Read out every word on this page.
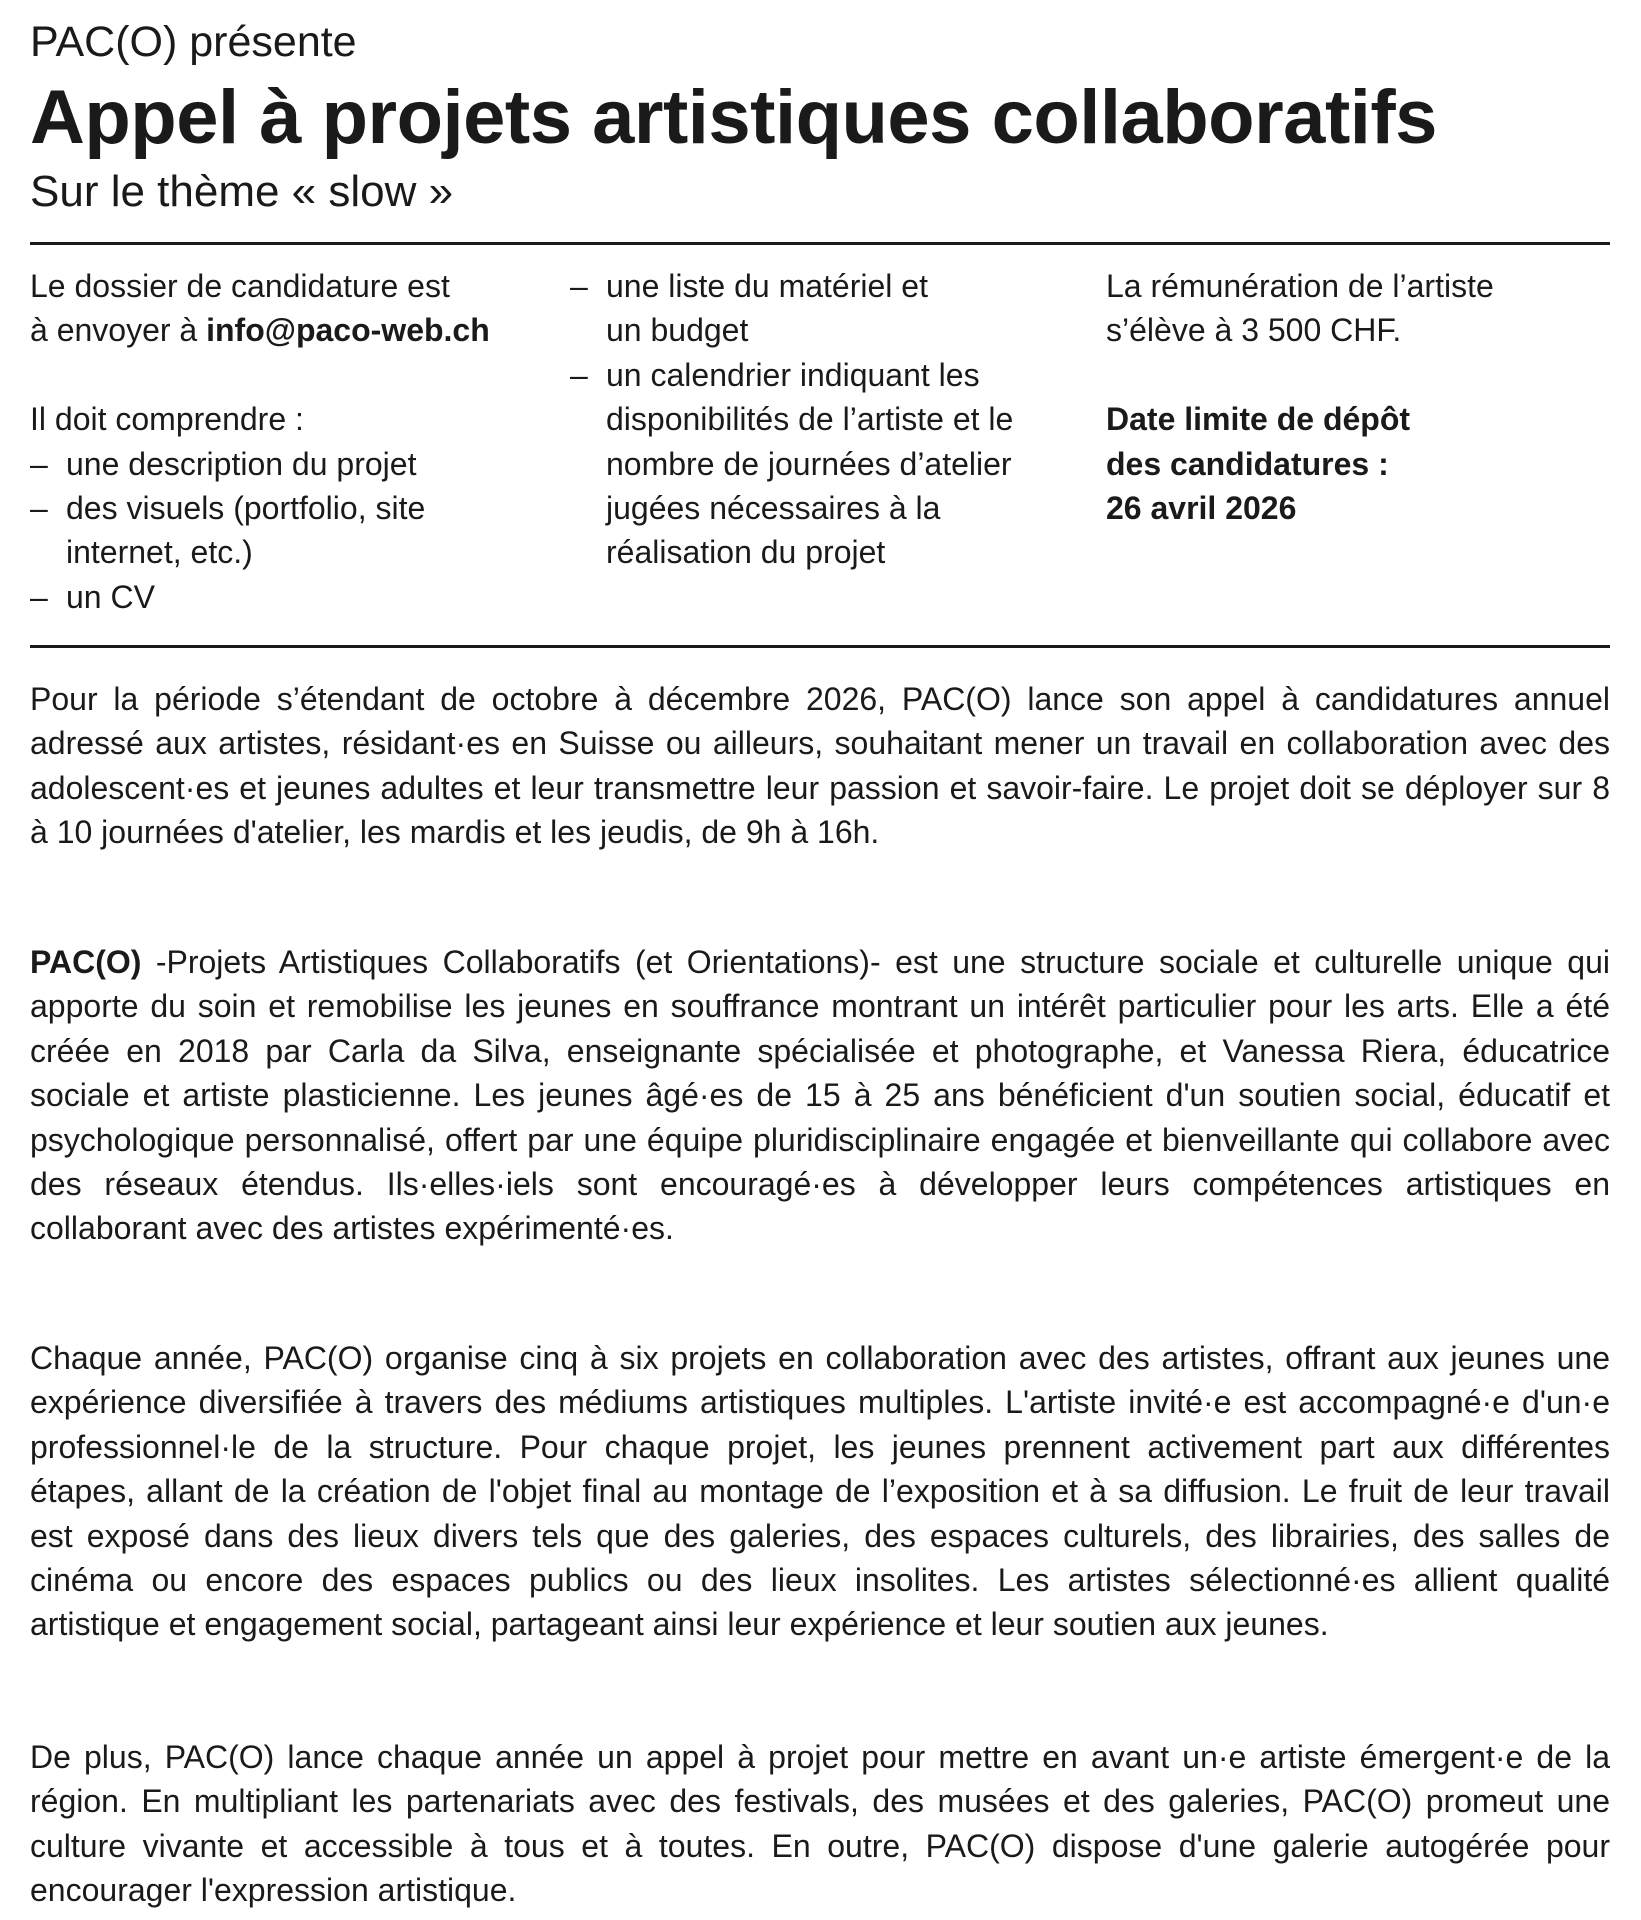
PAC(O) présente
Appel à projets artistiques collaboratifs
Sur le thème « slow »

Le dossier de candidature est
à envoyer à info@paco-web.ch

Il doit comprendre :

– une description du projet
– des visuels (portfolio, site internet, etc.)
– un CV
– une liste du matériel et un budget
– un calendrier indiquant les disponibilités de l’artiste et le nombre de journées d’atelier jugées nécessaires à la réalisation du projet

La rémunération de l’artiste s’élève à 3 500 CHF.

Date limite de dépôt des candidatures :

26 avril 2026

Pour la période s’étendant de octobre à décembre 2026, PAC(O) lance son appel à candidatures annuel adressé aux artistes, résidant·es en Suisse ou ailleurs, souhaitant mener un travail en collaboration avec des adolescent·es et jeunes adultes et leur transmettre leur passion et savoir-faire. Le projet doit se déployer sur 8 à 10 journées d'atelier, les mardis et les jeudis, de 9h à 16h.

PAC(O) -Projets Artistiques Collaboratifs (et Orientations)- est une structure sociale et culturelle unique qui apporte du soin et remobilise les jeunes en souffrance montrant un intérêt particulier pour les arts. Elle a été créée en 2018 par Carla da Silva, enseignante spécialisée et photographe, et Vanessa Riera, éducatrice sociale et artiste plasticienne. Les jeunes âgé·es de 15 à 25 ans bénéficient d'un soutien social, éducatif et psychologique personnalisé, offert par une équipe pluridisciplinaire engagée et bienveillante qui collabore avec des réseaux étendus. Ils·elles·iels sont encouragé·es à développer leurs compétences artistiques en collaborant avec des artistes expérimenté·es.

Chaque année, PAC(O) organise cinq à six projets en collaboration avec des artistes, offrant aux jeunes une expérience diversifiée à travers des médiums artistiques multiples. L'artiste invité·e est accompagné·e d'un·e professionnel·le de la structure. Pour chaque projet, les jeunes prennent activement part aux différentes étapes, allant de la création de l'objet final au montage de l’exposition et à sa diffusion. Le fruit de leur travail est exposé dans des lieux divers tels que des galeries, des espaces culturels, des librairies, des salles de cinéma ou encore des espaces publics ou des lieux insolites. Les artistes sélectionné·es allient qualité artistique et engagement social, partageant ainsi leur expérience et leur soutien aux jeunes.

De plus, PAC(O) lance chaque année un appel à projet pour mettre en avant un·e artiste émergent·e de la région. En multipliant les partenariats avec des festivals, des musées et des galeries, PAC(O) promeut une culture vivante et accessible à tous et à toutes. En outre, PAC(O) dispose d'une galerie autogérée pour encourager l'expression artistique.
